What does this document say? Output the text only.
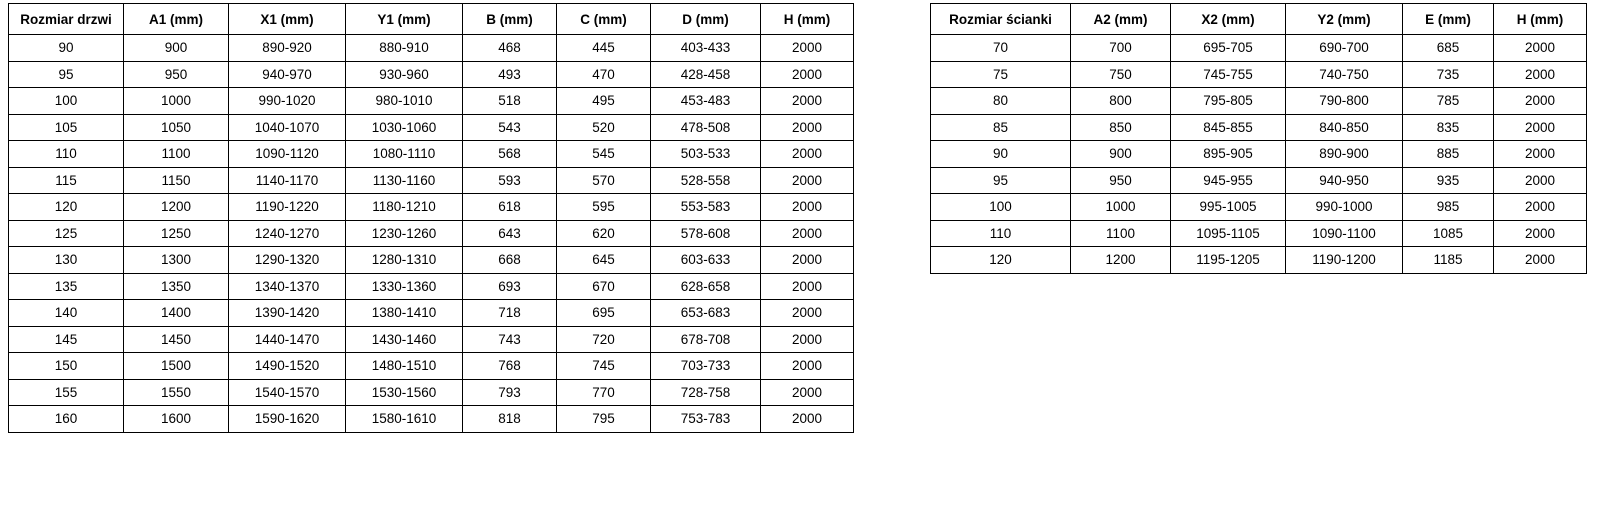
Rozmiar drzwi	A1 (mm)	X1 (mm)	Y1 (mm)	B (mm)	C (mm)	D (mm)	H (mm)
90	900	890-920	880-910	468	445	403-433	2000
95	950	940-970	930-960	493	470	428-458	2000
100	1000	990-1020	980-1010	518	495	453-483	2000
105	1050	1040-1070	1030-1060	543	520	478-508	2000
110	1100	1090-1120	1080-1110	568	545	503-533	2000
115	1150	1140-1170	1130-1160	593	570	528-558	2000
120	1200	1190-1220	1180-1210	618	595	553-583	2000
125	1250	1240-1270	1230-1260	643	620	578-608	2000
130	1300	1290-1320	1280-1310	668	645	603-633	2000
135	1350	1340-1370	1330-1360	693	670	628-658	2000
140	1400	1390-1420	1380-1410	718	695	653-683	2000
145	1450	1440-1470	1430-1460	743	720	678-708	2000
150	1500	1490-1520	1480-1510	768	745	703-733	2000
155	1550	1540-1570	1530-1560	793	770	728-758	2000
160	1600	1590-1620	1580-1610	818	795	753-783	2000
Rozmiar ścianki	A2 (mm)	X2 (mm)	Y2 (mm)	E (mm)	H (mm)
70	700	695-705	690-700	685	2000
75	750	745-755	740-750	735	2000
80	800	795-805	790-800	785	2000
85	850	845-855	840-850	835	2000
90	900	895-905	890-900	885	2000
95	950	945-955	940-950	935	2000
100	1000	995-1005	990-1000	985	2000
110	1100	1095-1105	1090-1100	1085	2000
120	1200	1195-1205	1190-1200	1185	2000
